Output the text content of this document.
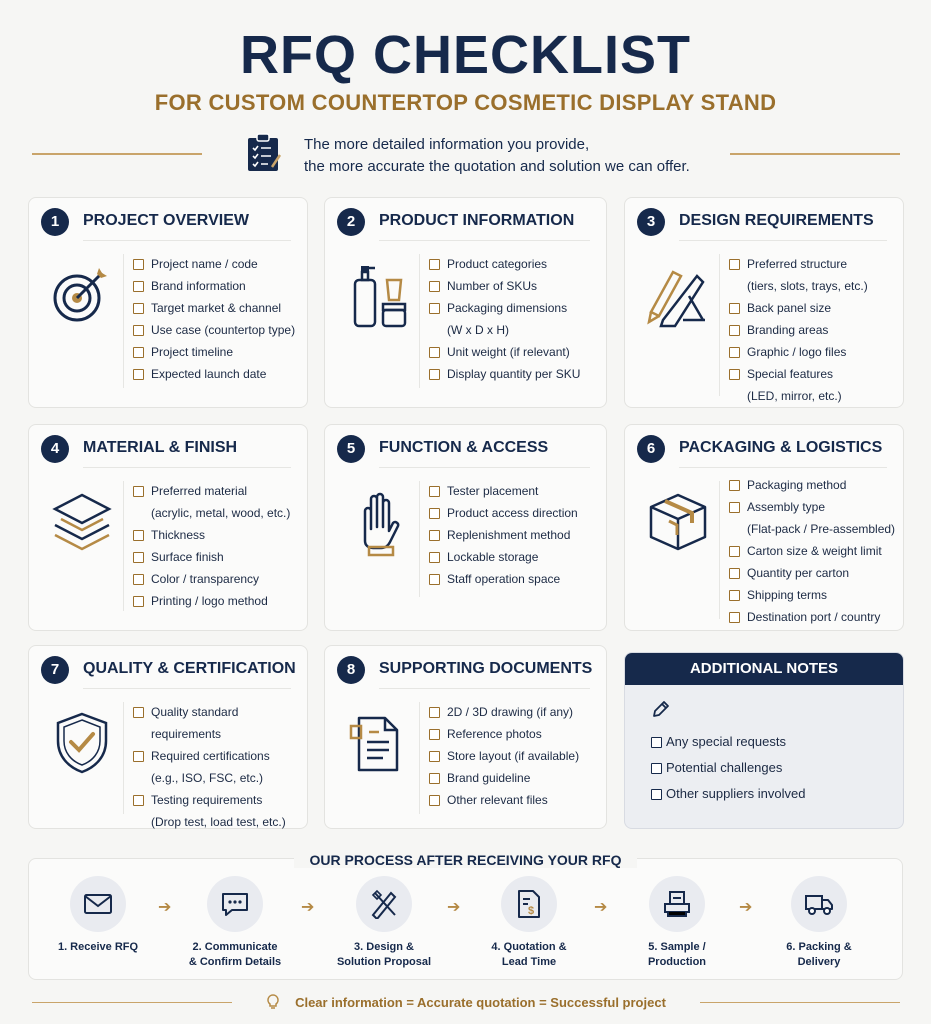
RFQ CHECKLIST
FOR CUSTOM COUNTERTOP COSMETIC DISPLAY STAND
The more detailed information you provide,
the more accurate the quotation and solution we can offer.
1	PROJECT OVERVIEW
Project name / code
Brand information
Target market & channel
Use case (countertop type)
Project timeline
Expected launch date
2	PRODUCT INFORMATION
Product categories
Number of SKUs
Packaging dimensions
(W x D x H)
Unit weight (if relevant)
Display quantity per SKU
3	DESIGN REQUIREMENTS
Preferred structure
(tiers, slots, trays, etc.)
Back panel size
Branding areas
Graphic / logo files
Special features
(LED, mirror, etc.)
4	MATERIAL & FINISH
Preferred material
(acrylic, metal, wood, etc.)
Thickness
Surface finish
Color / transparency
Printing / logo method
5	FUNCTION & ACCESS
Tester placement
Product access direction
Replenishment method
Lockable storage
Staff operation space
6	PACKAGING & LOGISTICS
Packaging method
Assembly type
(Flat-pack / Pre-assembled)
Carton size & weight limit
Quantity per carton
Shipping terms
Destination port / country
7	QUALITY & CERTIFICATION
Quality standard
requirements
Required certifications
(e.g., ISO, FSC, etc.)
Testing requirements
(Drop test, load test, etc.)
8	SUPPORTING DOCUMENTS
2D / 3D drawing (if any)
Reference photos
Store layout (if available)
Brand guideline
Other relevant files
ADDITIONAL NOTES
Any special requests
Potential challenges
Other suppliers involved
OUR PROCESS AFTER RECEIVING YOUR RFQ
1. Receive RFQ
➔
2. Communicate
& Confirm Details
➔
3. Design &
Solution Proposal
➔	$
4. Quotation &
Lead Time
➔
5. Sample /
Production
➔
6. Packing &
Delivery
Clear information = Accurate quotation = Successful project
